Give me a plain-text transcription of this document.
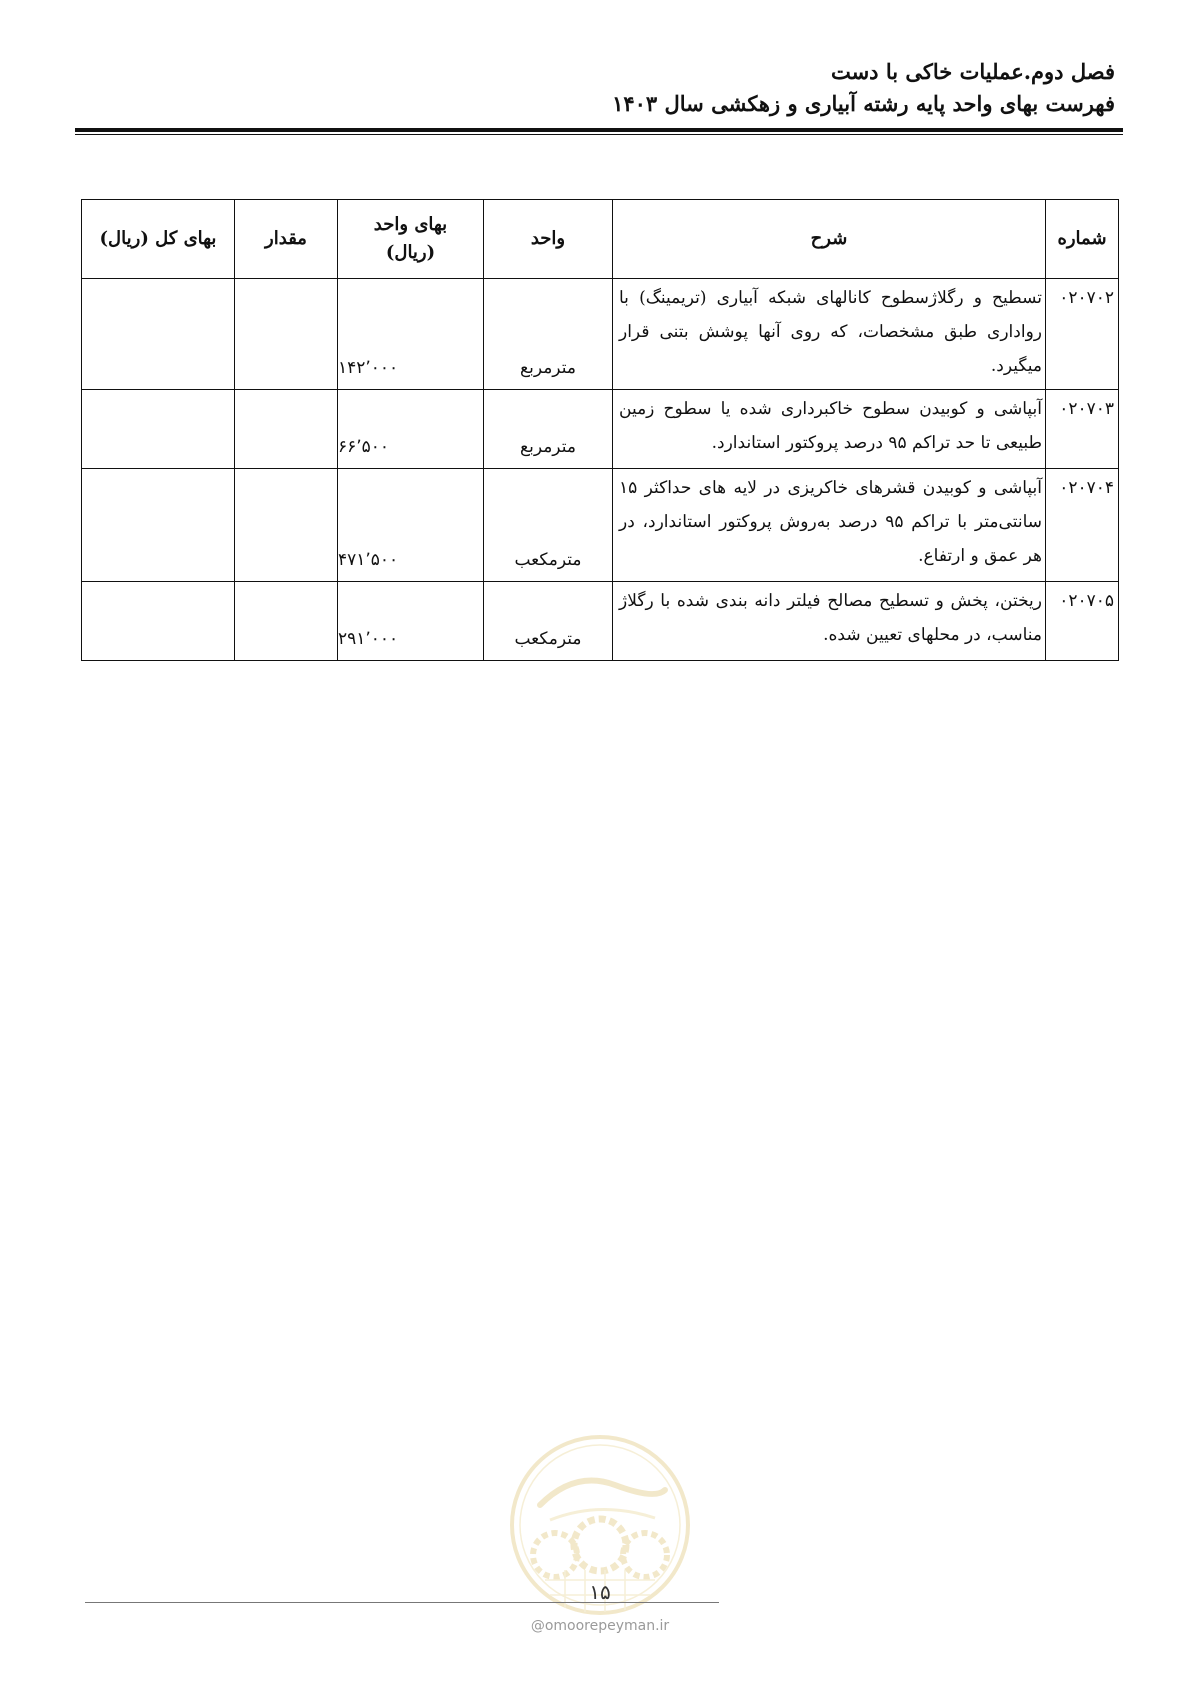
فصل دوم.عملیات خاکی با دست
فهرست بهای واحد پایه رشته آبیاری و زهکشی سال ۱۴۰۳
شماره	شرح	واحد	بهای واحد (ریال)	مقدار	بهای کل (ریال)
۰۲۰۷۰۲	تسطیح و رگلاژسطوح کانالهای شبکه آبیاری (تریمینگ) با رواداری طبق مشخصات، که روی آنها پوشش بتنی قرار میگیرد.	مترمربع	۱۴۲٬۰۰۰		
۰۲۰۷۰۳	آبپاشی و کوبیدن سطوح خاکبرداری شده یا سطوح زمین طبیعی تا حد تراکم ۹۵ درصد پروکتور استاندارد.	مترمربع	۶۶٬۵۰۰		
۰۲۰۷۰۴	آبپاشی و کوبیدن قشرهای خاکریزی در لایه های حداکثر ۱۵ سانتی‌متر با تراکم ۹۵ درصد به‌روش پروکتور استاندارد، در هر عمق و ارتفاع.	مترمکعب	۴۷۱٬۵۰۰		
۰۲۰۷۰۵	ریختن، پخش و تسطیح مصالح فیلتر دانه بندی شده با رگلاژ مناسب، در محلهای تعیین شده.	مترمکعب	۲۹۱٬۰۰۰		
۱۵
@omoorepeyman.ir
